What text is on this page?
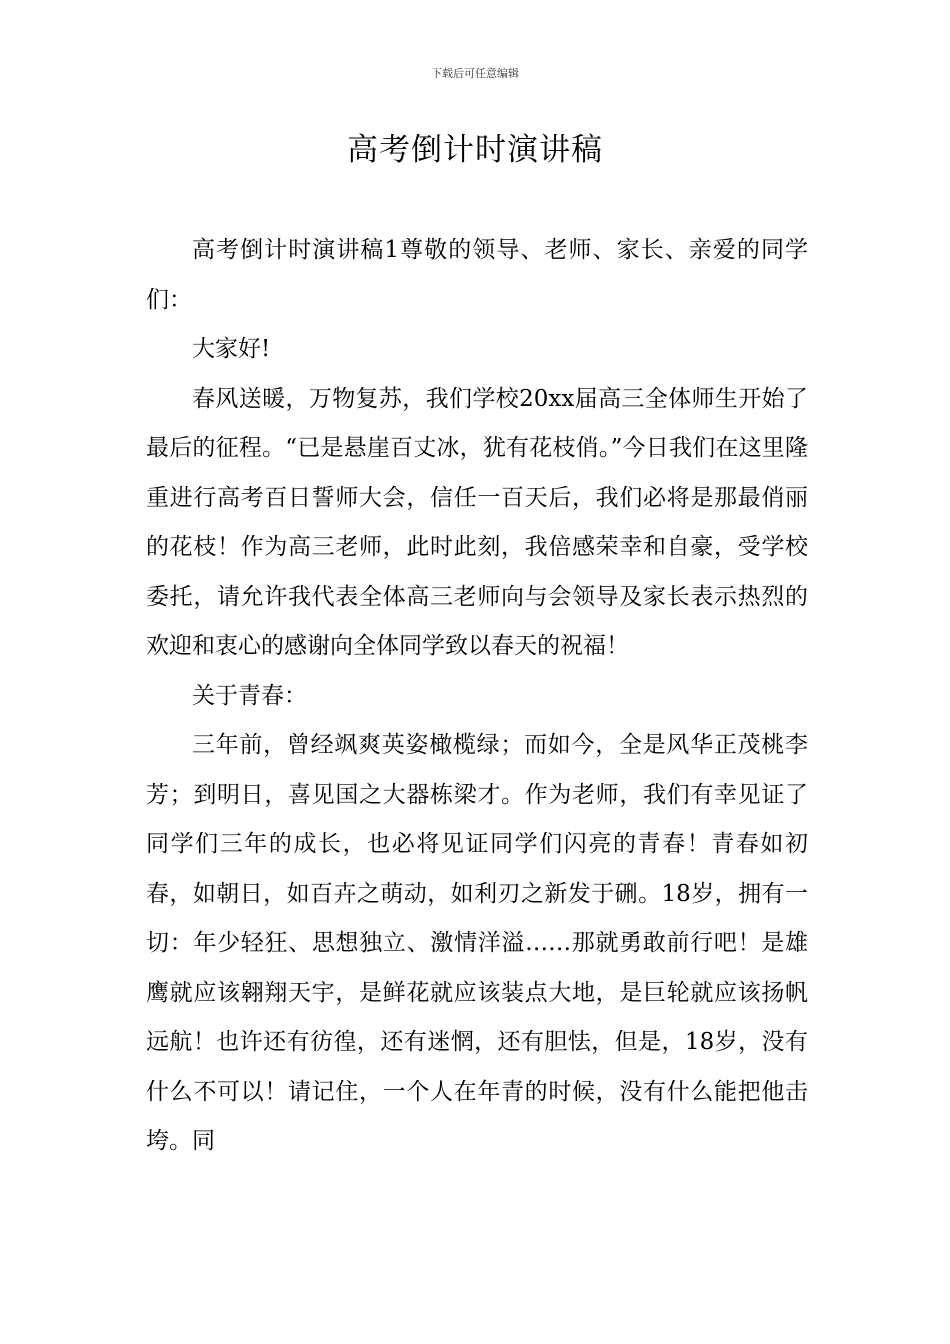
下载后可任意编辑
高考倒计时演讲稿

高考倒计时演讲稿1尊敬的领导、老师、家长、亲爱的同学们：

大家好!

春风送暖，万物复苏，我们学校20xx届高三全体师生开始了最后的征程。“已是悬崖百丈冰，犹有花枝俏。”今日我们在这里隆重进行高考百日誓师大会，信任一百天后，我们必将是那最俏丽的花枝！作为高三老师，此时此刻，我倍感荣幸和自豪，受学校委托，请允许我代表全体高三老师向与会领导及家长表示热烈的欢迎和衷心的感谢向全体同学致以春天的祝福！

关于青春：

三年前，曾经飒爽英姿橄榄绿；而如今，全是风华正茂桃李芳；到明日，喜见国之大器栋梁才。作为老师，我们有幸见证了同学们三年的成长，也必将见证同学们闪亮的青春！青春如初春，如朝日，如百卉之萌动，如利刃之新发于硎。18岁，拥有一切：年少轻狂、思想独立、激情洋溢……那就勇敢前行吧！是雄鹰就应该翱翔天宇，是鲜花就应该装点大地，是巨轮就应该扬帆远航！也许还有彷徨，还有迷惘，还有胆怯，但是，18岁，没有什么不可以！请记住，一个人在年青的时候，没有什么能把他击垮。同
